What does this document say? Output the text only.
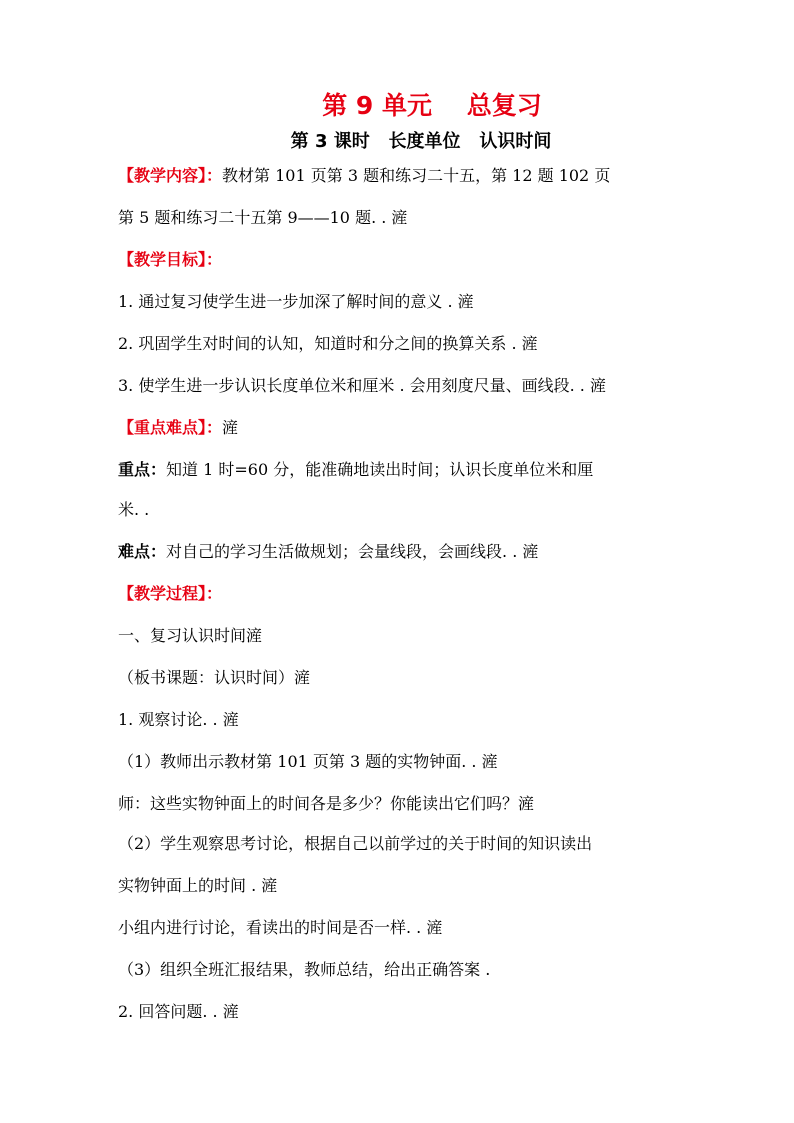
第 9 单元    总复习
第 3 课时   长度单位   认识时间
【教学内容】：教材第 101 页第 3 题和练习二十五，第 12 题 102 页
第 5 题和练习二十五第 9——10 题. . 滻
【教学目标】：
1. 通过复习使学生进一步加深了解时间的意义 . 滻
2. 巩固学生对时间的认知，知道时和分之间的换算关系 . 滻
3. 使学生进一步认识长度单位米和厘米 . 会用刻度尺量、画线段. . 滻
【重点难点】：滻
重点：知道 1 时=60 分，能准确地读出时间；认识长度单位米和厘
米. .
难点：对自己的学习生活做规划；会量线段，会画线段. . 滻
【教学过程】：
一、复习认识时间滻
（板书课题：认识时间）滻
1. 观察讨论. . 滻
（1）教师出示教材第 101 页第 3 题的实物钟面. . 滻
师：这些实物钟面上的时间各是多少？你能读出它们吗？滻
（2）学生观察思考讨论，根据自己以前学过的关于时间的知识读出
实物钟面上的时间 . 滻
小组内进行讨论，看读出的时间是否一样. . 滻
（3）组织全班汇报结果，教师总结，给出正确答案 .
2. 回答问题. . 滻
